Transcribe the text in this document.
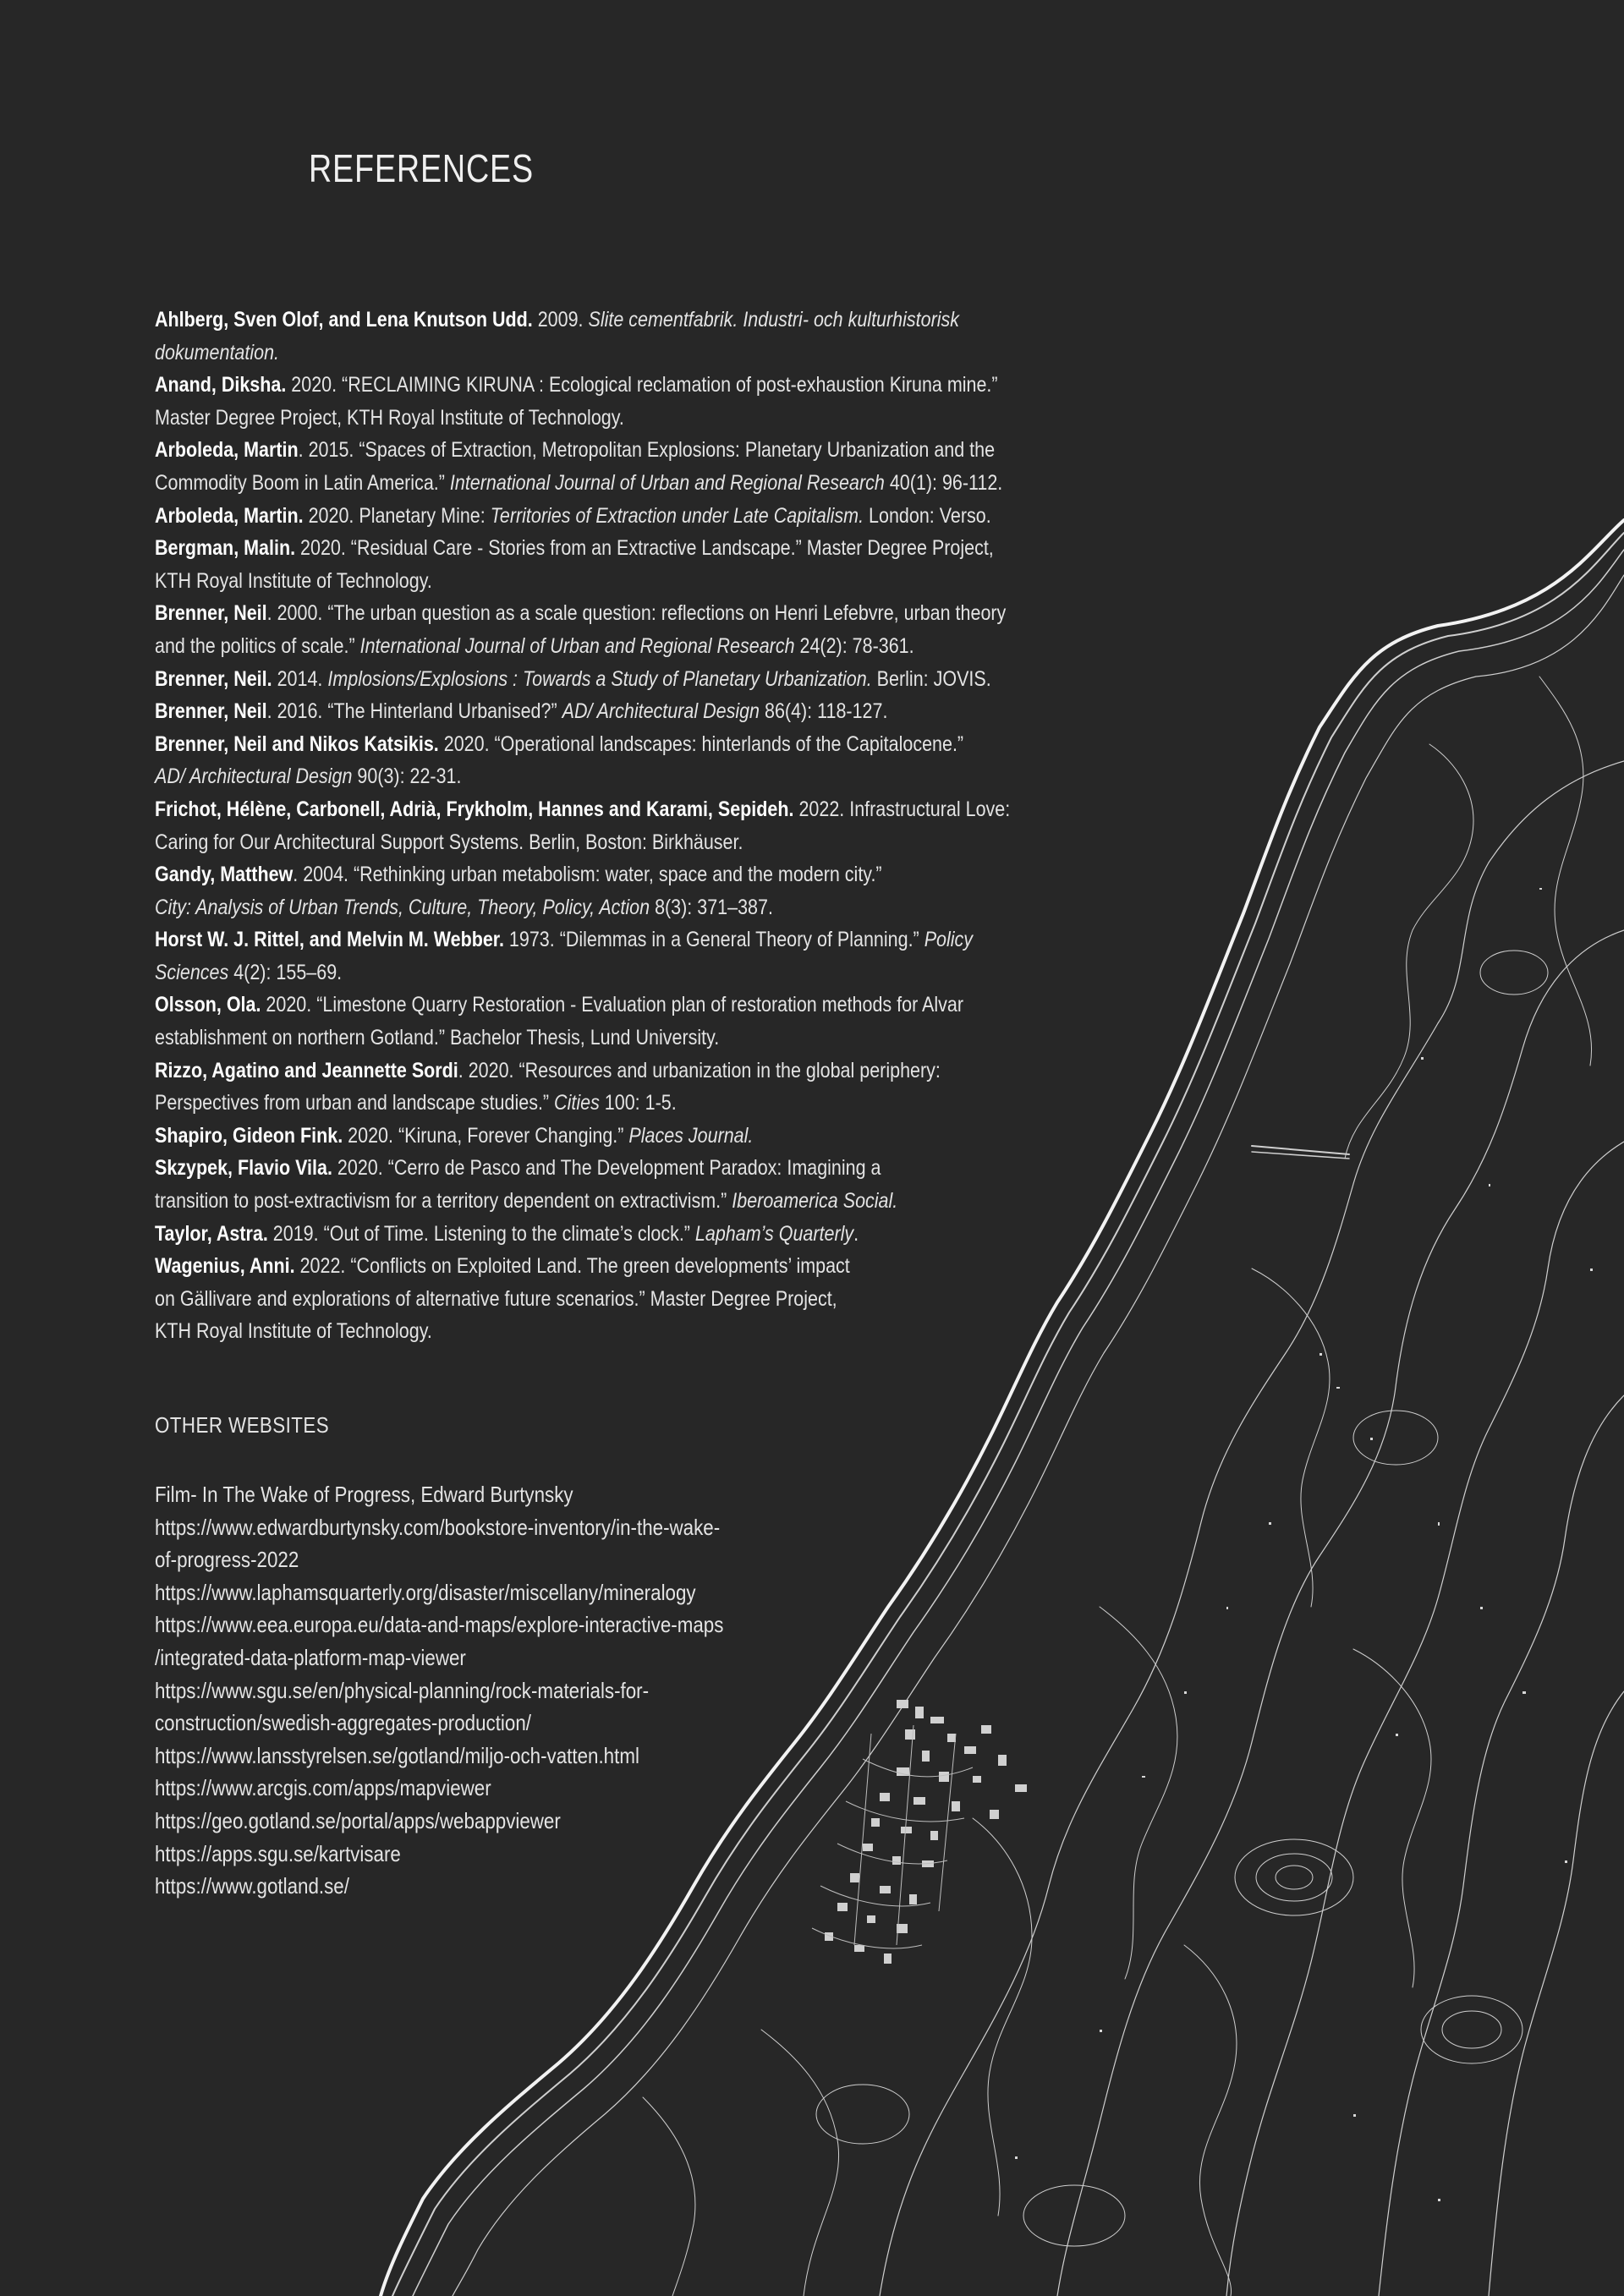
REFERENCES
Ahlberg, Sven Olof, and Lena Knutson Udd. 2009. Slite cementfabrik. Industri- och kulturhistorisk
dokumentation.
Anand, Diksha. 2020. “RECLAIMING KIRUNA : Ecological reclamation of post-exhaustion Kiruna mine.”
Master Degree Project, KTH Royal Institute of Technology.
Arboleda, Martin. 2015. “Spaces of Extraction, Metropolitan Explosions: Planetary Urbanization and the
Commodity Boom in Latin America.” International Journal of Urban and Regional Research 40(1): 96-112.
Arboleda, Martin. 2020. Planetary Mine: Territories of Extraction under Late Capitalism. London: Verso.
Bergman, Malin. 2020. “Residual Care - Stories from an Extractive Landscape.” Master Degree Project,
KTH Royal Institute of Technology.
Brenner, Neil. 2000. “The urban question as a scale question: reflections on Henri Lefebvre, urban theory
and the politics of scale.” International Journal of Urban and Regional Research 24(2): 78-361.
Brenner, Neil. 2014. Implosions/Explosions : Towards a Study of Planetary Urbanization. Berlin: JOVIS.
Brenner, Neil. 2016. “The Hinterland Urbanised?” AD/ Architectural Design 86(4): 118-127.
Brenner, Neil and Nikos Katsikis. 2020. “Operational landscapes: hinterlands of the Capitalocene.”
AD/ Architectural Design 90(3): 22-31.
Frichot, Hélène, Carbonell, Adrià, Frykholm, Hannes and Karami, Sepideh. 2022. Infrastructural Love:
Caring for Our Architectural Support Systems. Berlin, Boston: Birkhäuser.
Gandy, Matthew. 2004. “Rethinking urban metabolism: water, space and the modern city.”
City: Analysis of Urban Trends, Culture, Theory, Policy, Action 8(3): 371–387.
Horst W. J. Rittel, and Melvin M. Webber. 1973. “Dilemmas in a General Theory of Planning.” Policy
Sciences 4(2): 155–69.
Olsson, Ola. 2020. “Limestone Quarry Restoration - Evaluation plan of restoration methods for Alvar
establishment on northern Gotland.” Bachelor Thesis, Lund University.
Rizzo, Agatino and Jeannette Sordi. 2020. “Resources and urbanization in the global periphery:
Perspectives from urban and landscape studies.” Cities 100: 1-5.
Shapiro, Gideon Fink. 2020. “Kiruna, Forever Changing.” Places Journal.
Skzypek, Flavio Vila. 2020. “Cerro de Pasco and The Development Paradox: Imagining a
transition to post-extractivism for a territory dependent on extractivism.” Iberoamerica Social.
Taylor, Astra. 2019. “Out of Time. Listening to the climate’s clock.” Lapham’s Quarterly.
Wagenius, Anni. 2022. “Conflicts on Exploited Land. The green developments’ impact
on Gällivare and explorations of alternative future scenarios.” Master Degree Project,
KTH Royal Institute of Technology.
OTHER WEBSITES
Film- In The Wake of Progress, Edward Burtynsky
https://www.edwardburtynsky.com/bookstore-inventory/in-the-wake-
of-progress-2022
https://www.laphamsquarterly.org/disaster/miscellany/mineralogy
https://www.eea.europa.eu/data-and-maps/explore-interactive-maps
/integrated-data-platform-map-viewer
https://www.sgu.se/en/physical-planning/rock-materials-for-
construction/swedish-aggregates-production/
https://www.lansstyrelsen.se/gotland/miljo-och-vatten.html
https://www.arcgis.com/apps/mapviewer
https://geo.gotland.se/portal/apps/webappviewer
https://apps.sgu.se/kartvisare
https://www.gotland.se/
